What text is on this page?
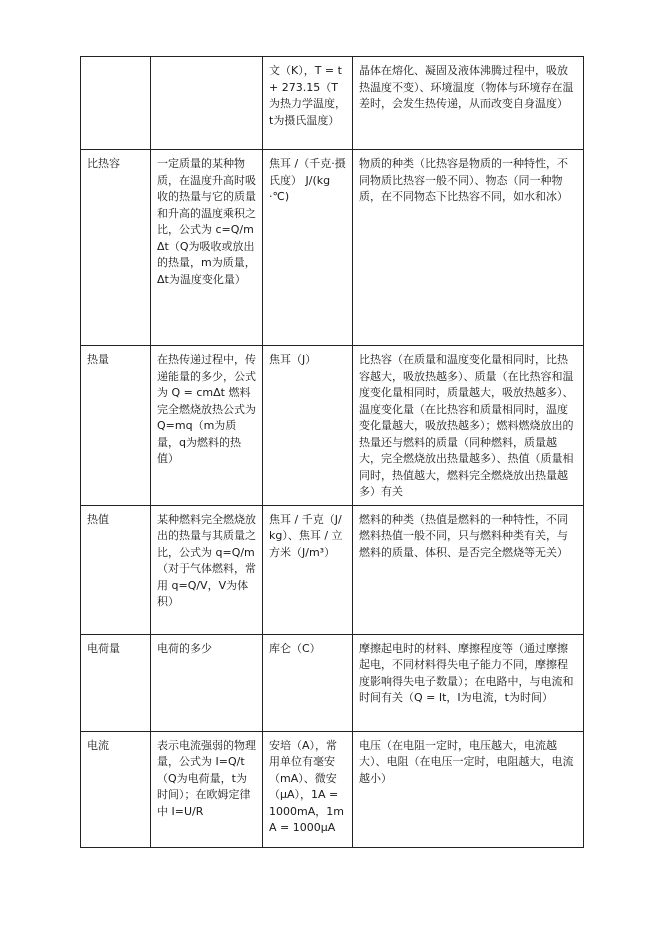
		文（K），T = t + 273.15（T为热力学温度，t为摄氏温度）	晶体在熔化、凝固及液体沸腾过程中，吸放热温度不变）、环境温度（物体与环境存在温差时，会发生热传递，从而改变自身温度）
比热容	一定质量的某种物质，在温度升高时吸收的热量与它的质量和升高的温度乘积之比，公式为 c=Q/m Δt（Q为吸收或放出的热量，m为质量，Δt为温度变化量）	焦耳 /（千克·摄氏度） J/(kg·℃)	物质的种类（比热容是物质的一种特性，不同物质比热容一般不同）、物态（同一种物质，在不同物态下比热容不同，如水和冰）
热量	在热传递过程中，传递能量的多少，公式为 Q = cmΔt 燃料完全燃烧放热公式为 Q=mq（m为质量，q为燃料的热值）	焦耳（J）	比热容（在质量和温度变化量相同时，比热容越大，吸放热越多）、质量（在比热容和温度变化量相同时，质量越大，吸放热越多）、温度变化量（在比热容和质量相同时，温度变化量越大，吸放热越多）；燃料燃烧放出的热量还与燃料的质量（同种燃料，质量越大，完全燃烧放出热量越多）、热值（质量相同时，热值越大，燃料完全燃烧放出热量越多）有关
热值	某种燃料完全燃烧放出的热量与其质量之比，公式为 q=Q/m（对于气体燃料，常用 q=Q/V，V为体积）	焦耳 / 千克（J/kg）、焦耳 / 立方米（J/m³）	燃料的种类（热值是燃料的一种特性，不同燃料热值一般不同，只与燃料种类有关，与燃料的质量、体积、是否完全燃烧等无关）
电荷量	电荷的多少	库仑（C）	摩擦起电时的材料、摩擦程度等（通过摩擦起电，不同材料得失电子能力不同，摩擦程度影响得失电子数量）；在电路中，与电流和时间有关（Q = It，I为电流，t为时间）
电流	表示电流强弱的物理量，公式为 I=Q/t（Q为电荷量，t为时间）；在欧姆定律中 I=U/R	安培（A），常用单位有毫安（mA）、微安（μA），1A = 1000mA，1mA = 1000μA	电压（在电阻一定时，电压越大，电流越大）、电阻（在电压一定时，电阻越大，电流越小）
